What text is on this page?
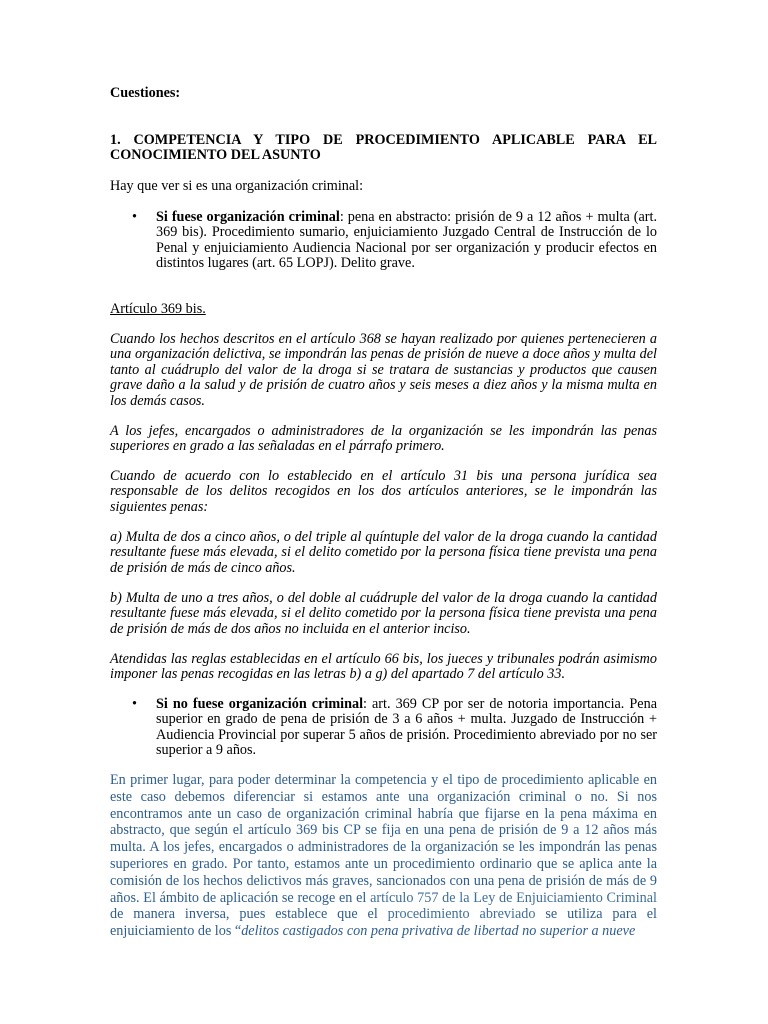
Cuestiones:

1. COMPETENCIA Y TIPO DE PROCEDIMIENTO APLICABLE PARA EL CONOCIMIENTO DEL ASUNTO

Hay que ver si es una organización criminal:

• Si fuese organización criminal: pena en abstracto: prisión de 9 a 12 años + multa (art. 369 bis). Procedimiento sumario, enjuiciamiento Juzgado Central de Instrucción de lo Penal y enjuiciamiento Audiencia Nacional por ser organización y producir efectos en distintos lugares (art. 65 LOPJ). Delito grave.

Artículo 369 bis.

Cuando los hechos descritos en el artículo 368 se hayan realizado por quienes pertenecieren a una organización delictiva, se impondrán las penas de prisión de nueve a doce años y multa del tanto al cuádruplo del valor de la droga si se tratara de sustancias y productos que causen grave daño a la salud y de prisión de cuatro años y seis meses a diez años y la misma multa en los demás casos.

A los jefes, encargados o administradores de la organización se les impondrán las penas superiores en grado a las señaladas en el párrafo primero.

Cuando de acuerdo con lo establecido en el artículo 31 bis una persona jurídica sea responsable de los delitos recogidos en los dos artículos anteriores, se le impondrán las siguientes penas:

a) Multa de dos a cinco años, o del triple al quíntuple del valor de la droga cuando la cantidad resultante fuese más elevada, si el delito cometido por la persona física tiene prevista una pena de prisión de más de cinco años.

b) Multa de uno a tres años, o del doble al cuádruple del valor de la droga cuando la cantidad resultante fuese más elevada, si el delito cometido por la persona física tiene prevista una pena de prisión de más de dos años no incluida en el anterior inciso.

Atendidas las reglas establecidas en el artículo 66 bis, los jueces y tribunales podrán asimismo imponer las penas recogidas en las letras b) a g) del apartado 7 del artículo 33.

• Si no fuese organización criminal: art. 369 CP por ser de notoria importancia. Pena superior en grado de pena de prisión de 3 a 6 años + multa. Juzgado de Instrucción + Audiencia Provincial por superar 5 años de prisión. Procedimiento abreviado por no ser superior a 9 años.

En primer lugar, para poder determinar la competencia y el tipo de procedimiento aplicable en este caso debemos diferenciar si estamos ante una organización criminal o no. Si nos encontramos ante un caso de organización criminal habría que fijarse en la pena máxima en abstracto, que según el artículo 369 bis CP se fija en una pena de prisión de 9 a 12 años más multa. A los jefes, encargados o administradores de la organización se les impondrán las penas superiores en grado. Por tanto, estamos ante un procedimiento ordinario que se aplica ante la comisión de los hechos delictivos más graves, sancionados con una pena de prisión de más de 9 años. El ámbito de aplicación se recoge en el artículo 757 de la Ley de Enjuiciamiento Criminal de manera inversa, pues establece que el procedimiento abreviado se utiliza para el enjuiciamiento de los “delitos castigados con pena privativa de libertad no superior a nueve
